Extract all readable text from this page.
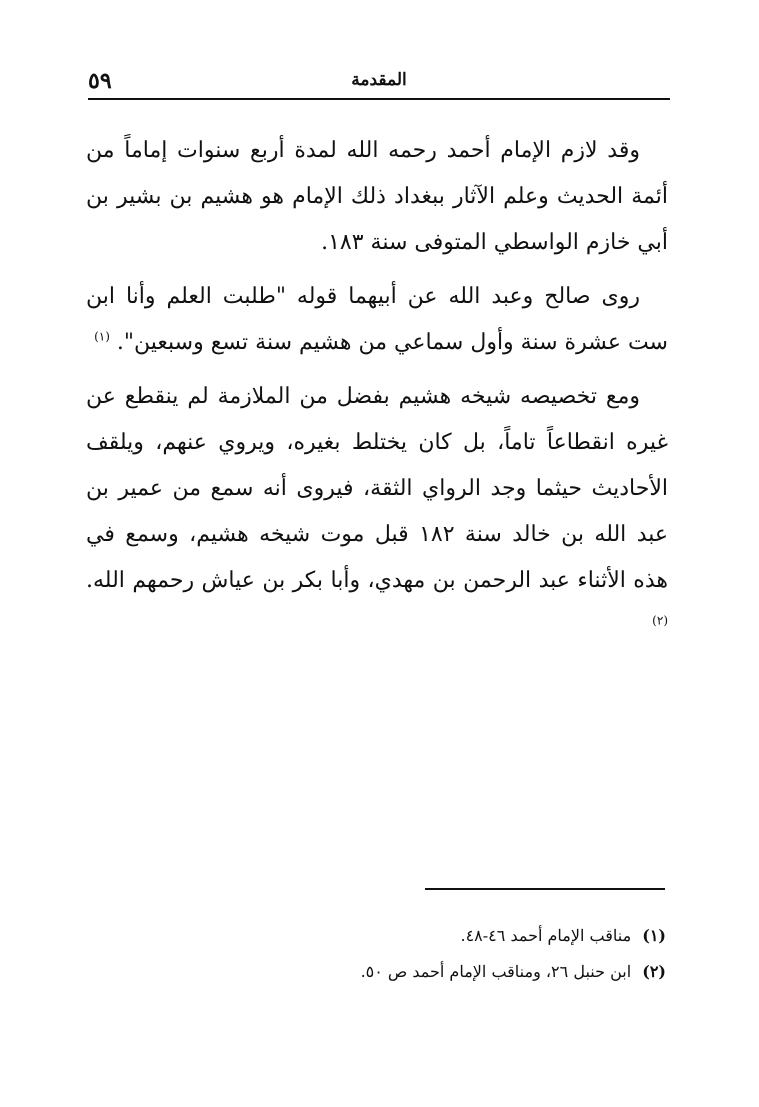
المقدمة
٥٩

وقد لازم الإمام أحمد رحمه الله لمدة أربع سنوات إماماً من أئمة الحديث وعلم الآثار ببغداد ذلك الإمام هو هشيم بن بشير بن أبي خازم الواسطي المتوفى سنة ١٨٣.

روى صالح وعبد الله عن أبيهما قوله "طلبت العلم وأنا ابن ست عشرة سنة وأول سماعي من هشيم سنة تسع وسبعين". $^{(١)}$

ومع تخصيصه شيخه هشيم بفضل من الملازمة لم ينقطع عن غيره انقطاعاً تاماً، بل كان يختلط بغيره، ويروي عنهم، ويلقف الأحاديث حيثما وجد الرواي الثقة، فيروى أنه سمع من عمير بن عبد الله بن خالد سنة ١٨٢ قبل موت شيخه هشيم، وسمع في هذه الأثناء عبد الرحمن بن مهدي، وأبا بكر بن عياش رحمهم الله. $^{(٢)}$

(١) مناقب الإمام أحمد ٤٦-٤٨.

(٢) ابن حنبل ٢٦، ومناقب الإمام أحمد ص ٥٠.
